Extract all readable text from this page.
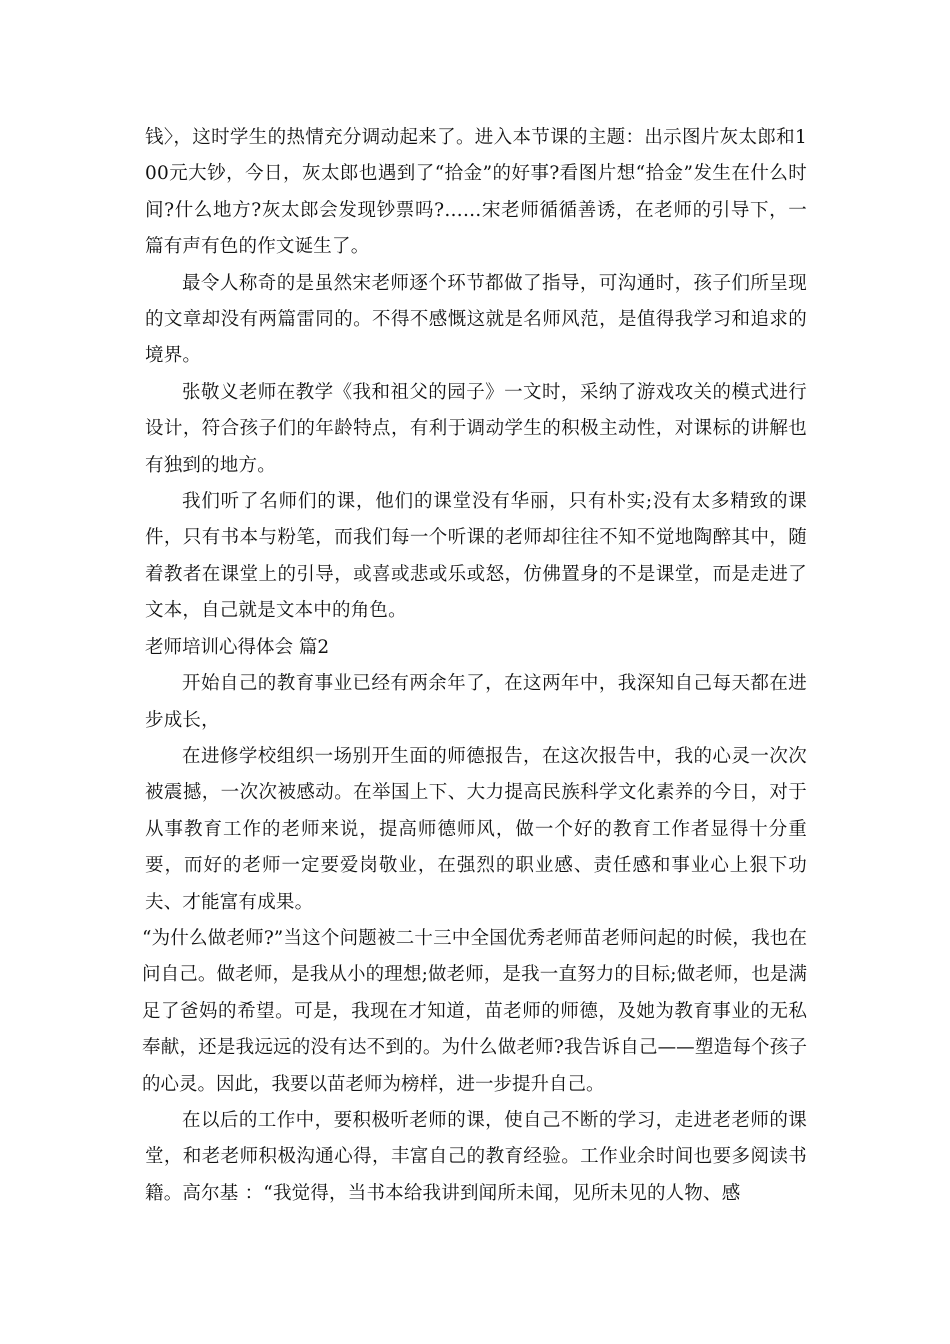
钱〉，这时学生的热情充分调动起来了。进入本节课的主题：出示图片灰太郎和100元大钞，今日，灰太郎也遇到了“拾金”的好事?看图片想“拾金”发生在什么时间?什么地方?灰太郎会发现钞票吗?……宋老师循循善诱，在老师的引导下，一篇有声有色的作文诞生了。

最令人称奇的是虽然宋老师逐个环节都做了指导，可沟通时，孩子们所呈现的文章却没有两篇雷同的。不得不感慨这就是名师风范，是值得我学习和追求的境界。

张敬义老师在教学《我和祖父的园子》一文时，采纳了游戏攻关的模式进行设计，符合孩子们的年龄特点，有利于调动学生的积极主动性，对课标的讲解也有独到的地方。

我们听了名师们的课，他们的课堂没有华丽，只有朴实;没有太多精致的课件，只有书本与粉笔，而我们每一个听课的老师却往往不知不觉地陶醉其中，随着教者在课堂上的引导，或喜或悲或乐或怒，仿佛置身的不是课堂，而是走进了文本，自己就是文本中的角色。

老师培训心得体会 篇2

开始自己的教育事业已经有两余年了，在这两年中，我深知自己每天都在进步成长，

在进修学校组织一场别开生面的师德报告，在这次报告中，我的心灵一次次被震撼，一次次被感动。在举国上下、大力提高民族科学文化素养的今日，对于从事教育工作的老师来说，提高师德师风，做一个好的教育工作者显得十分重要，而好的老师一定要爱岗敬业，在强烈的职业感、责任感和事业心上狠下功夫、才能富有成果。

“为什么做老师?”当这个问题被二十三中全国优秀老师苗老师问起的时候，我也在问自己。做老师，是我从小的理想;做老师，是我一直努力的目标;做老师，也是满足了爸妈的希望。可是，我现在才知道，苗老师的师德，及她为教育事业的无私奉献，还是我远远的没有达不到的。为什么做老师?我告诉自己——塑造每个孩子的心灵。因此，我要以苗老师为榜样，进一步提升自己。

在以后的工作中，要积极听老师的课，使自己不断的学习，走进老老师的课堂，和老老师积极沟通心得，丰富自己的教育经验。工作业余时间也要多阅读书籍。高尔基 ：“我觉得，当书本给我讲到闻所未闻，见所未见的人物、感
